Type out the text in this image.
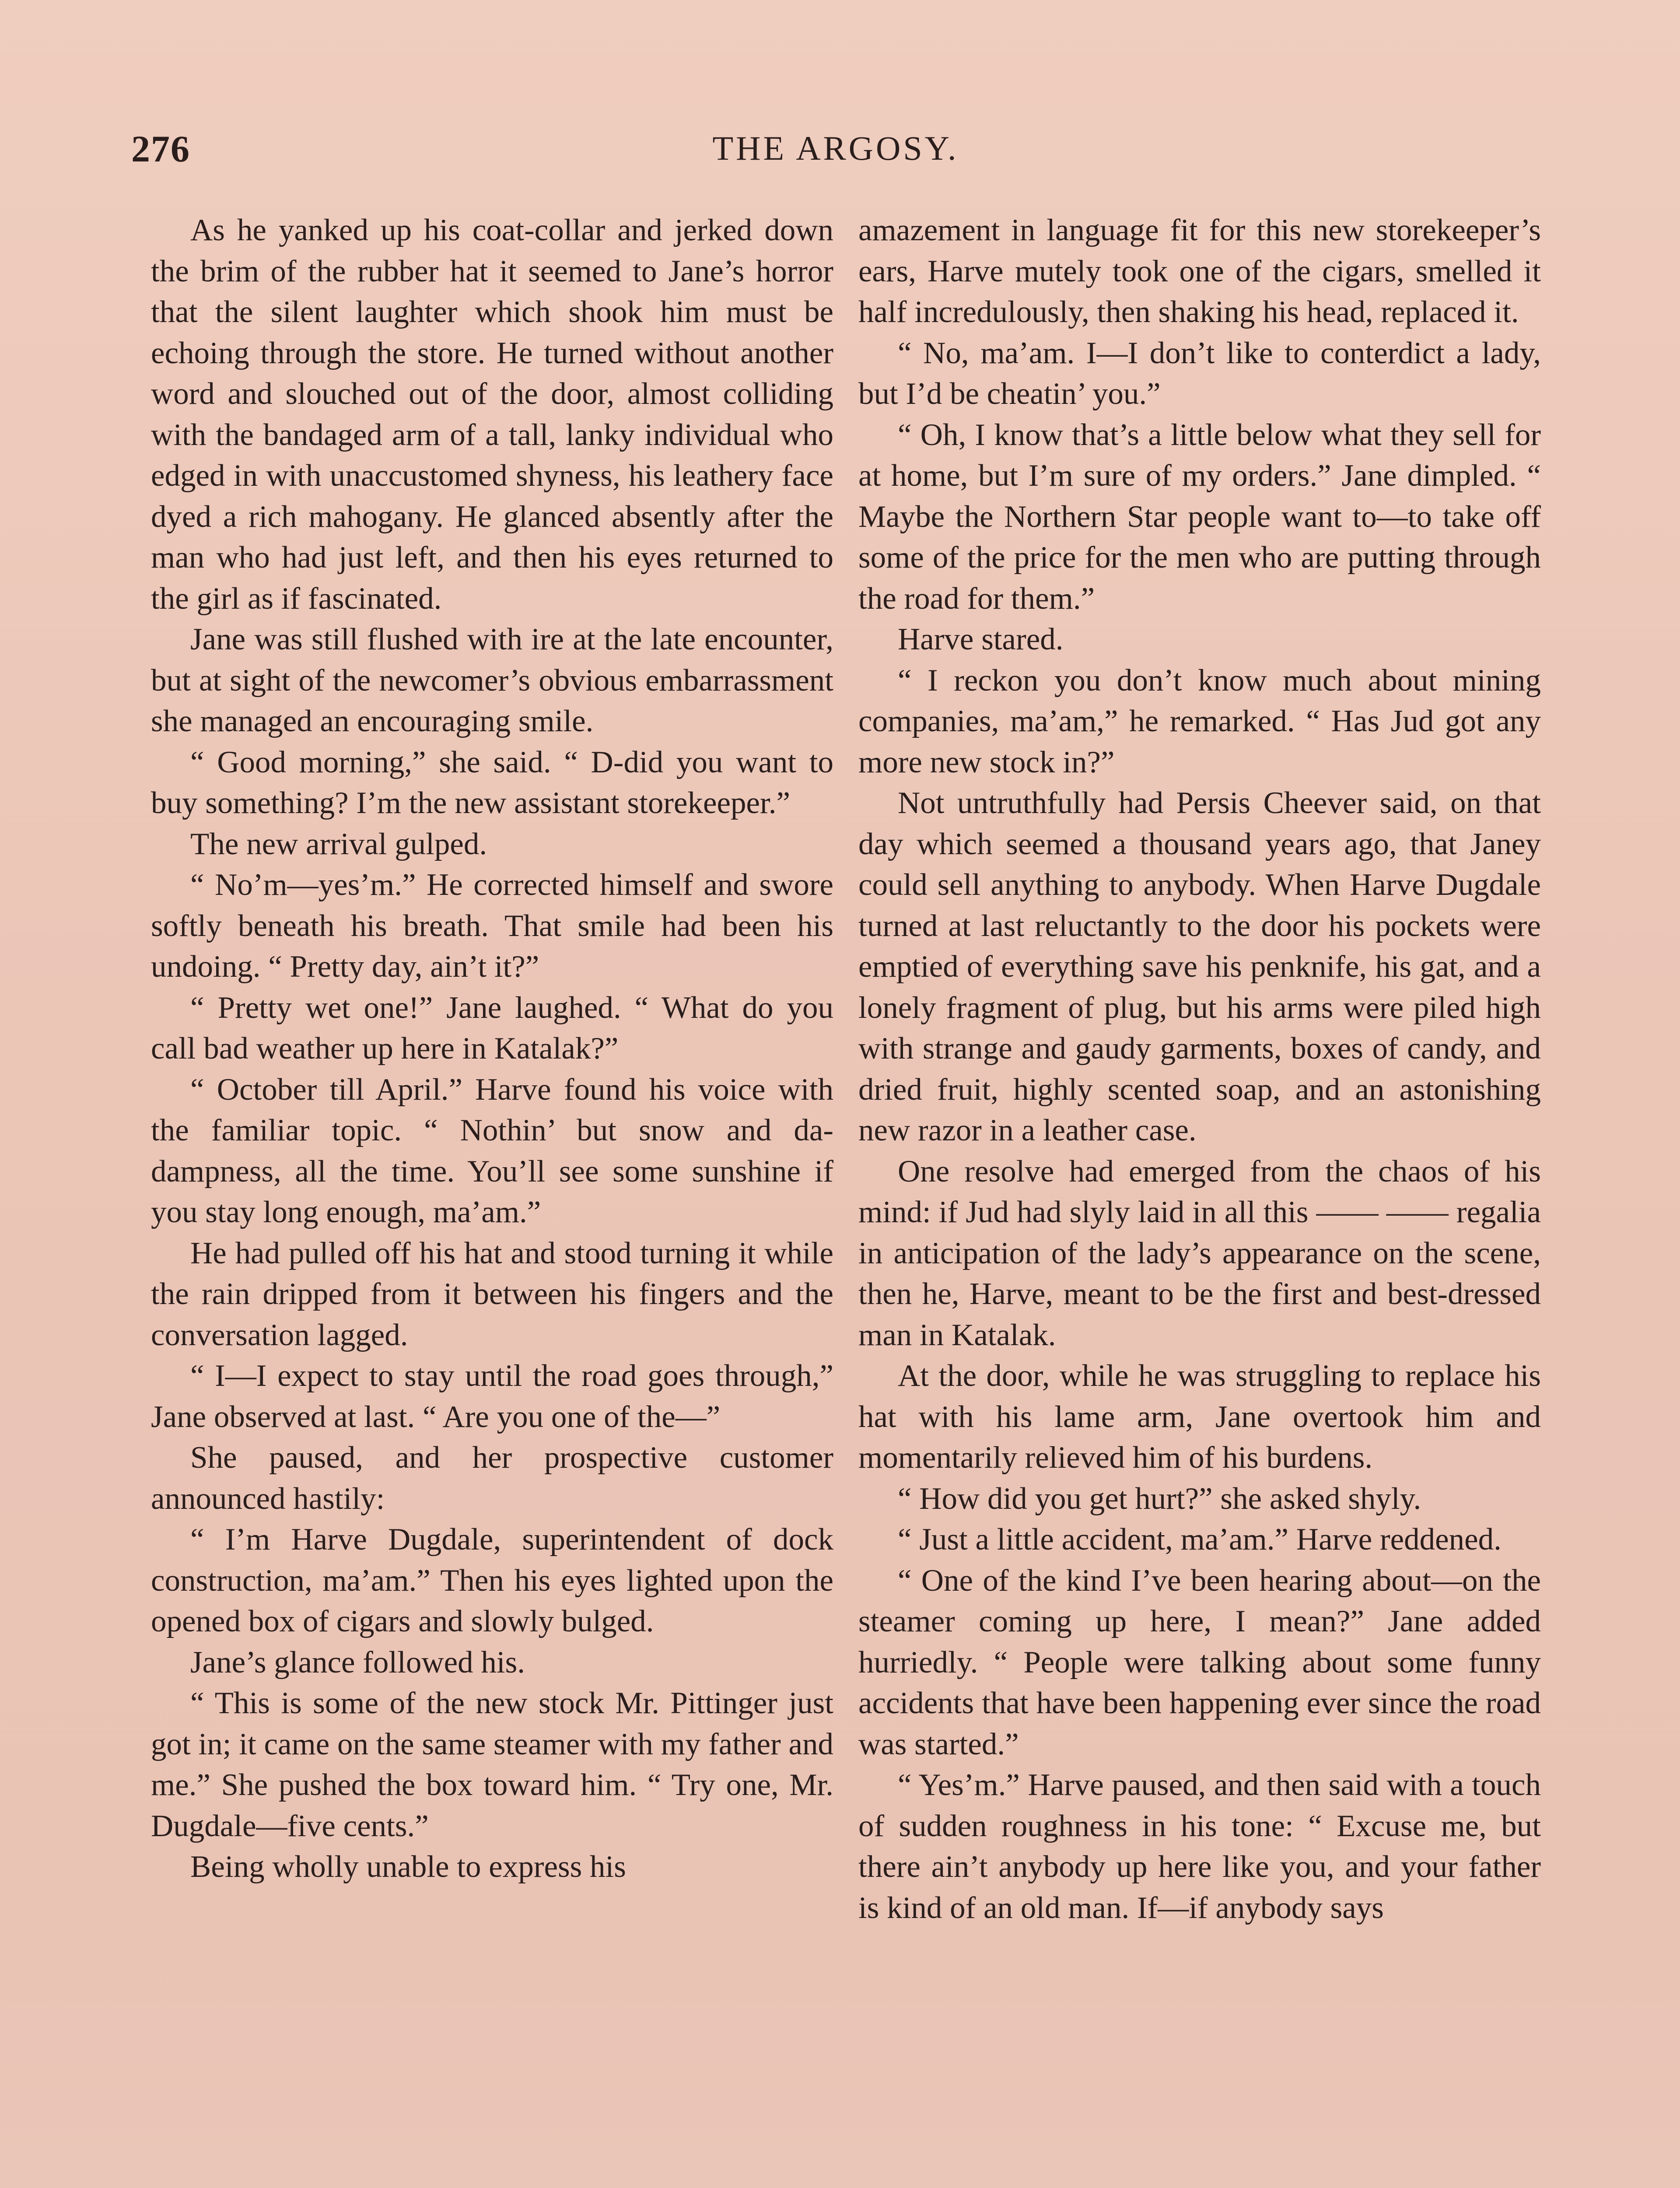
276	THE ARGOSY.

As he yanked up his coat-collar and jerked down the brim of the rubber hat it seemed to Jane’s horror that the silent laughter which shook him must be echoing through the store. He turned without another word and slouched out of the door, almost colliding with the bandaged arm of a tall, lanky individual who edged in with unaccustomed shyness, his leathery face dyed a rich mahogany. He glanced absently after the man who had just left, and then his eyes returned to the girl as if fascinated.

Jane was still flushed with ire at the late encounter, but at sight of the newcomer’s obvious embarrassment she managed an encouraging smile.

“ Good morning,” she said. “ D-did you want to buy something? I’m the new assistant storekeeper.”

The new arrival gulped.

“ No’m—yes’m.” He corrected himself and swore softly beneath his breath. That smile had been his undoing. “ Pretty day, ain’t it?”

“ Pretty wet one!” Jane laughed. “ What do you call bad weather up here in Katalak?”

“ October till April.” Harve found his voice with the familiar topic. “ Nothin’ but snow and da-dampness, all the time. You’ll see some sunshine if you stay long enough, ma’am.”

He had pulled off his hat and stood turning it while the rain dripped from it between his fingers and the conversation lagged.

“ I—I expect to stay until the road goes through,” Jane observed at last. “ Are you one of the—”

She paused, and her prospective customer announced hastily:

“ I’m Harve Dugdale, superintendent of dock construction, ma’am.” Then his eyes lighted upon the opened box of cigars and slowly bulged.

Jane’s glance followed his.

“ This is some of the new stock Mr. Pittinger just got in; it came on the same steamer with my father and me.” She pushed the box toward him. “ Try one, Mr. Dugdale—five cents.”

Being wholly unable to express his

amazement in language fit for this new storekeeper’s ears, Harve mutely took one of the cigars, smelled it half incredulously, then shaking his head, replaced it.

“ No, ma’am. I—I don’t like to conterdict a lady, but I’d be cheatin’ you.”

“ Oh, I know that’s a little below what they sell for at home, but I’m sure of my orders.” Jane dimpled. “ Maybe the Northern Star people want to—to take off some of the price for the men who are putting through the road for them.”

Harve stared.

“ I reckon you don’t know much about mining companies, ma’am,” he remarked. “ Has Jud got any more new stock in?”

Not untruthfully had Persis Cheever said, on that day which seemed a thousand years ago, that Janey could sell anything to anybody. When Harve Dugdale turned at last reluctantly to the door his pockets were emptied of everything save his penknife, his gat, and a lonely fragment of plug, but his arms were piled high with strange and gaudy garments, boxes of candy, and dried fruit, highly scented soap, and an astonishing new razor in a leather case.

One resolve had emerged from the chaos of his mind: if Jud had slyly laid in all this —— —— regalia in anticipation of the lady’s appearance on the scene, then he, Harve, meant to be the first and best-dressed man in Katalak.

At the door, while he was struggling to replace his hat with his lame arm, Jane overtook him and momentarily relieved him of his burdens.

“ How did you get hurt?” she asked shyly.

“ Just a little accident, ma’am.” Harve reddened.

“ One of the kind I’ve been hearing about—on the steamer coming up here, I mean?” Jane added hurriedly. “ People were talking about some funny accidents that have been happening ever since the road was started.”

“ Yes’m.” Harve paused, and then said with a touch of sudden roughness in his tone: “ Excuse me, but there ain’t anybody up here like you, and your father is kind of an old man. If—if anybody says
